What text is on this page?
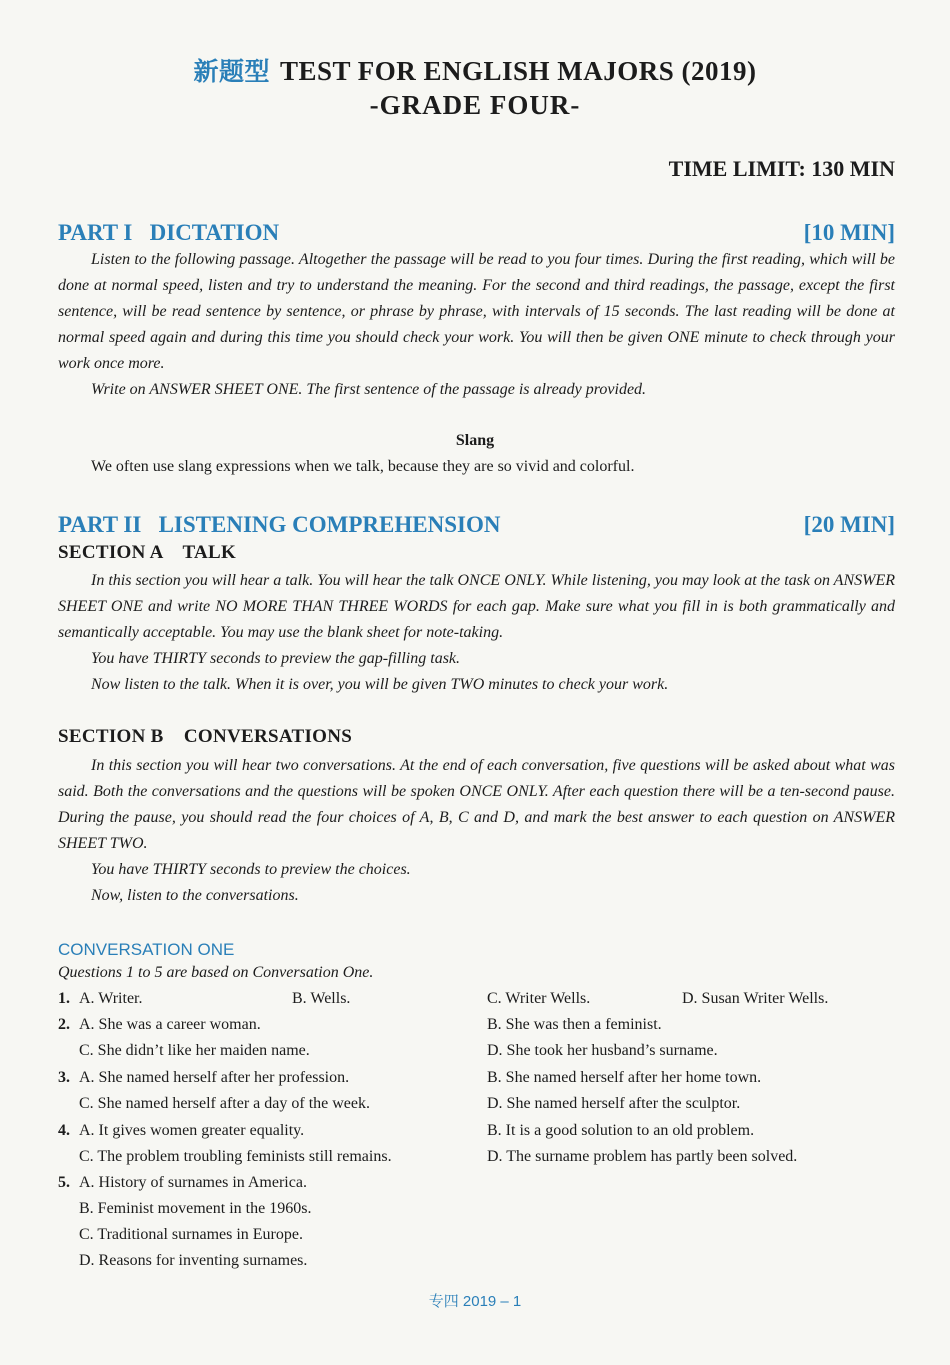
新题型 TEST FOR ENGLISH MAJORS (2019)
-GRADE FOUR-
TIME LIMIT: 130 MIN
PART I   DICTATION	[10 MIN]

Listen to the following passage. Altogether the passage will be read to you four times. During the first reading, which will be done at normal speed, listen and try to understand the meaning. For the second and third readings, the passage, except the first sentence, will be read sentence by sentence, or phrase by phrase, with intervals of 15 seconds. The last reading will be done at normal speed again and during this time you should check your work. You will then be given ONE minute to check through your work once more.

Write on ANSWER SHEET ONE. The first sentence of the passage is already provided.

Slang

We often use slang expressions when we talk, because they are so vivid and colorful.

PART II   LISTENING COMPREHENSION	[20 MIN]
SECTION A    TALK

In this section you will hear a talk. You will hear the talk ONCE ONLY. While listening, you may look at the task on ANSWER SHEET ONE and write NO MORE THAN THREE WORDS for each gap. Make sure what you fill in is both grammatically and semantically acceptable. You may use the blank sheet for note-taking.

You have THIRTY seconds to preview the gap-filling task.

Now listen to the talk. When it is over, you will be given TWO minutes to check your work.

SECTION B    CONVERSATIONS

In this section you will hear two conversations. At the end of each conversation, five questions will be asked about what was said. Both the conversations and the questions will be spoken ONCE ONLY. After each question there will be a ten-second pause. During the pause, you should read the four choices of A, B, C and D, and mark the best answer to each question on ANSWER SHEET TWO.

You have THIRTY seconds to preview the choices.

Now, listen to the conversations.

CONVERSATION ONE
Questions 1 to 5 are based on Conversation One.
1. A. Writer.	B. Wells.	C. Writer Wells.	D. Susan Writer Wells.
2. A. She was a career woman.	B. She was then a feminist.
C. She didn’t like her maiden name.	D. She took her husband’s surname.
3. A. She named herself after her profession.	B. She named herself after her home town.
C. She named herself after a day of the week.	D. She named herself after the sculptor.
4. A. It gives women greater equality.	B. It is a good solution to an old problem.
C. The problem troubling feminists still remains.	D. The surname problem has partly been solved.
5. A. History of surnames in America.
B. Feminist movement in the 1960s.
C. Traditional surnames in Europe.
D. Reasons for inventing surnames.
专四 2019 – 1
